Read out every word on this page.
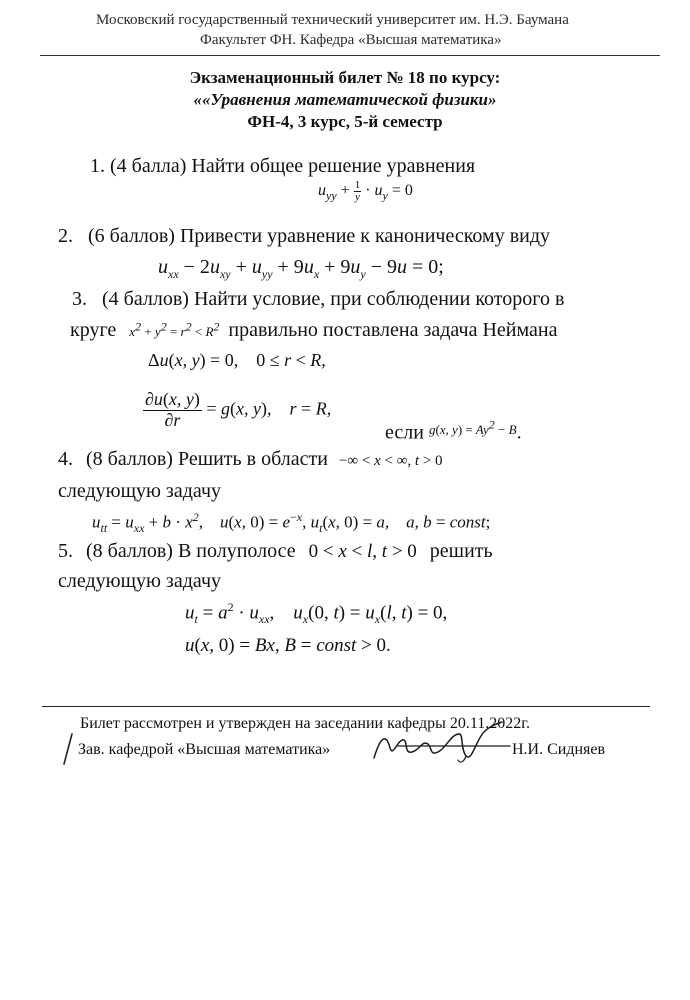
Московский государственный технический университет им. Н.Э. Баумана
Факультет ФН. Кафедра «Высшая математика»
Экзаменационный билет № 18 по курсу:
««Уравнения математической физики»
ФН-4, 3 курс, 5-й семестр
1. (4 балла) Найти общее решение уравнения
$u_{yy} + \frac{1}{y} \cdot u_y = 0$
2. (6 баллов) Привести уравнение к каноническому виду
$u_{xx} - 2u_{xy} + u_{yy} + 9u_x + 9u_y - 9u = 0$;
3. (4 баллов) Найти условие, при соблюдении которого в
круге $x^2 + y^2 = r^2 < R^2$ правильно поставлена задача Неймана
Δu(x, y) = 0, 0 ≤ r < R,
$\frac{\partial u(x, y)}{\partial r} = g(x$, y),    r = R,
если $^{g(x, y) = Ay^2 - B}$.
4. (8 баллов) Решить в области −∞ < x < ∞, t > 0
следующую задачу
$u_{tt} = u_{xx} + b \cdot x^2$,    u(x, $0) = e^{-x}$, $u_t(x$, 0) = a,    a, b = const;
5. (8 баллов) В полуполосе 0 < x < l, t > 0 решить
следующую задачу
$u_t = a^2 \cdot u_{xx}$,    $u_x(0$, $t) = u_x(l$, t) = 0,
u(x, 0) = Bx, B = const > 0.
Билет рассмотрен и утвержден на заседании кафедры 20.11.2022г.
Зав. кафедрой «Высшая математика»	Н.И. Сидняев
